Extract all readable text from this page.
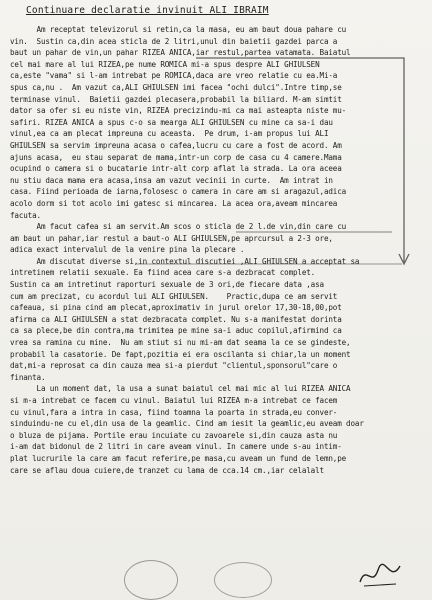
Continuare declaratie invinuit ALI IBRAIM
Am receptat televizorul si retin,ca la masa, eu am baut doua pahare cu
vin.  Sustin ca,din acea sticla de 2 litri,unul din baietii gazdei parca a
baut un pahar de vin,un pahar RIZEA ANICA,iar restul,partea vatamata. Baiatul
cel mai mare al lui RIZEA,pe nume ROMICA mi-a spus despre ALI GHIULSEN
ca,este "vama" si l-am intrebat pe ROMICA,daca are vreo relatie cu ea.Mi-a
spus ca,nu .  Am vazut ca,ALI GHIULSEN imi facea "ochi dulci".Intre timp,se
terminase vinul.  Baietii gazdei plecasera,probabil la biliard. M-am simtit
dator sa ofer si eu niste vin, RIZEA precizindu-mi ca mai asteapta niste mu-
safiri. RIZEA ANICA a spus c-o sa mearga ALI GHIULSEN cu mine ca sa-i dau
vinul,ea ca am plecat impreuna cu aceasta.  Pe drum, i-am propus lui ALI
GHIULSEN sa servim impreuna acasa o cafea,lucru cu care a fost de acord. Am
ajuns acasa,  eu stau separat de mama,intr-un corp de casa cu 4 camere.Mama
ocupind o camera si o bucatarie intr-alt corp aflat la strada. La ora aceea
nu stiu daca mama era acasa,insa am vazut vecinii in curte.  Am intrat in
casa. Fiind perioada de iarna,folosesc o camera in care am si aragazul,adica
acolo dorm si tot acolo imi gatesc si mincarea. La acea ora,aveam mincarea
facuta.
Am facut cafea si am servit.Am scos o sticla de 2 l.de vin,din care cu
am baut un pahar,iar restul a baut-o ALI GHIULSEN,pe aprcursul a 2-3 ore,
adica exact intervalul de la venire pina la plecare .
Am discutat diverse si,in contextul discutiei ,ALI GHIULSEN a acceptat sa
intretinem relatii sexuale. Ea fiind acea care s-a dezbracat complet.
Sustin ca am intretinut raporturi sexuale de 3 ori,de fiecare data ,asa
cum am precizat, cu acordul lui ALI GHIULSEN.    Practic,dupa ce am servit
cafeaua, si pina cind am plecat,aproximativ in jurul orelor 17,30-18,00,pot
afirma ca ALI GHIULSEN a stat dezbracata complet. Nu s-a manifestat dorinta
ca sa plece,be din contra,ma trimitea pe mine sa-i aduc copilul,afirmind ca
vrea sa ramina cu mine.  Nu am stiut si nu mi-am dat seama la ce se gindeste,
probabil la casatorie. De fapt,pozitia ei era oscilanta si chiar,la un moment
dat,mi-a reprosat ca din cauza mea si-a pierdut "clientul,sponsorul"care o
finanta.
La un moment dat, la usa a sunat baiatul cel mai mic al lui RIZEA ANICA
si m-a intrebat ce facem cu vinul. Baiatul lui RIZEA m-a intrebat ce facem
cu vinul,fara a intra in casa, fiind toamna la poarta in strada,eu conver-
sinduindu-ne cu el,din usa de la geamlic. Cind am iesit la geamlic,eu aveam doar
o bluza de pijama. Portile erau incuiate cu zavoarele si,din cauza asta nu
i-am dat bidonul de 2 litri in care aveam vinul. In camere unde s-au intim-
plat lucrurile la care am facut referire,pe masa,cu aveam un fund de lemn,pe
care se aflau doua cuiere,de tranzet cu lama de cca.14 cm.,iar celalalt
